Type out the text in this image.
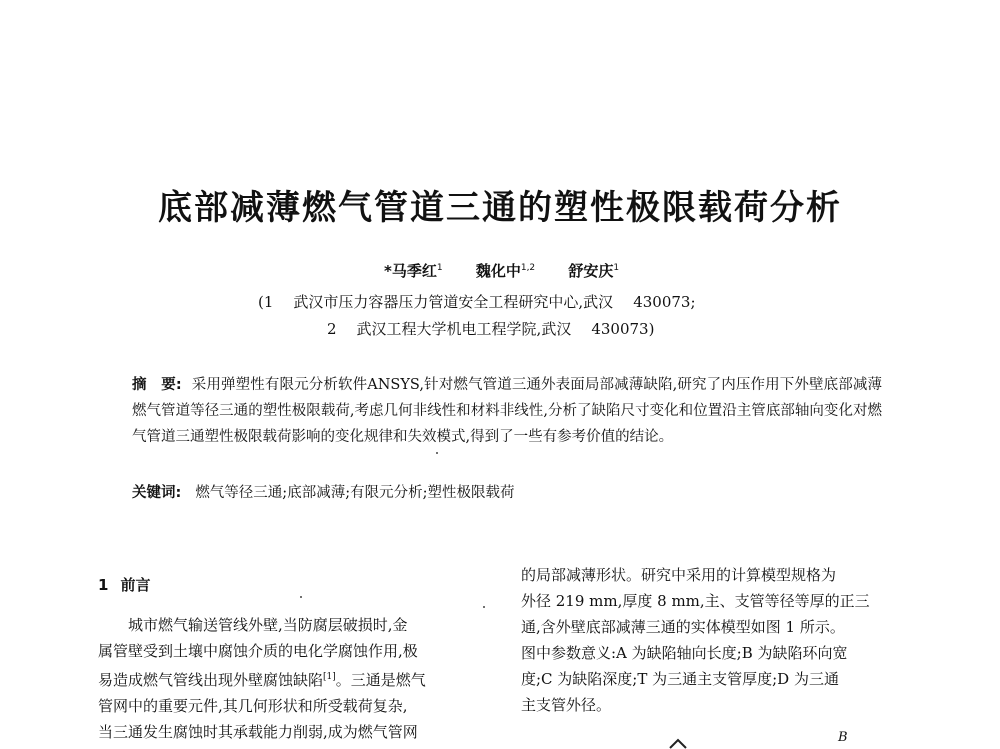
底部减薄燃气管道三通的塑性极限载荷分析
*马季红$^1$ 魏化中$^{1,2}$ 舒安庆$^1$
(1 武汉市压力容器压力管道安全工程研究中心,武汉 430073;
2 武汉工程大学机电工程学院,武汉 430073)
摘　要: 采用弹塑性有限元分析软件ANSYS,针对燃气管道三通外表面局部减薄缺陷,研究了内压作用下外壁底部减薄燃气管道等径三通的塑性极限载荷,考虑几何非线性和材料非线性,分析了缺陷尺寸变化和位置沿主管底部轴向变化对燃气管道三通塑性极限载荷影响的变化规律和失效模式,得到了一些有参考价值的结论。
关键词: 燃气等径三通;底部减薄;有限元分析;塑性极限载荷
1 前言
城市燃气输送管线外壁,当防腐层破损时,金
属管壁受到土壤中腐蚀介质的电化学腐蚀作用,极
易造成燃气管线出现外壁腐蚀缺陷[1]。三通是燃气
管网中的重要元件,其几何形状和所受载荷复杂,
当三通发生腐蚀时其承载能力削弱,成为燃气管网
的局部减薄形状。研究中采用的计算模型规格为
外径 219 mm,厚度 8 mm,主、支管等径等厚的正三
通,含外壁底部减薄三通的实体模型如图 1 所示。
图中参数意义:A 为缺陷轴向长度;B 为缺陷环向宽
度;C 为缺陷深度;T 为三通主支管厚度;D 为三通
主支管外径。
B
